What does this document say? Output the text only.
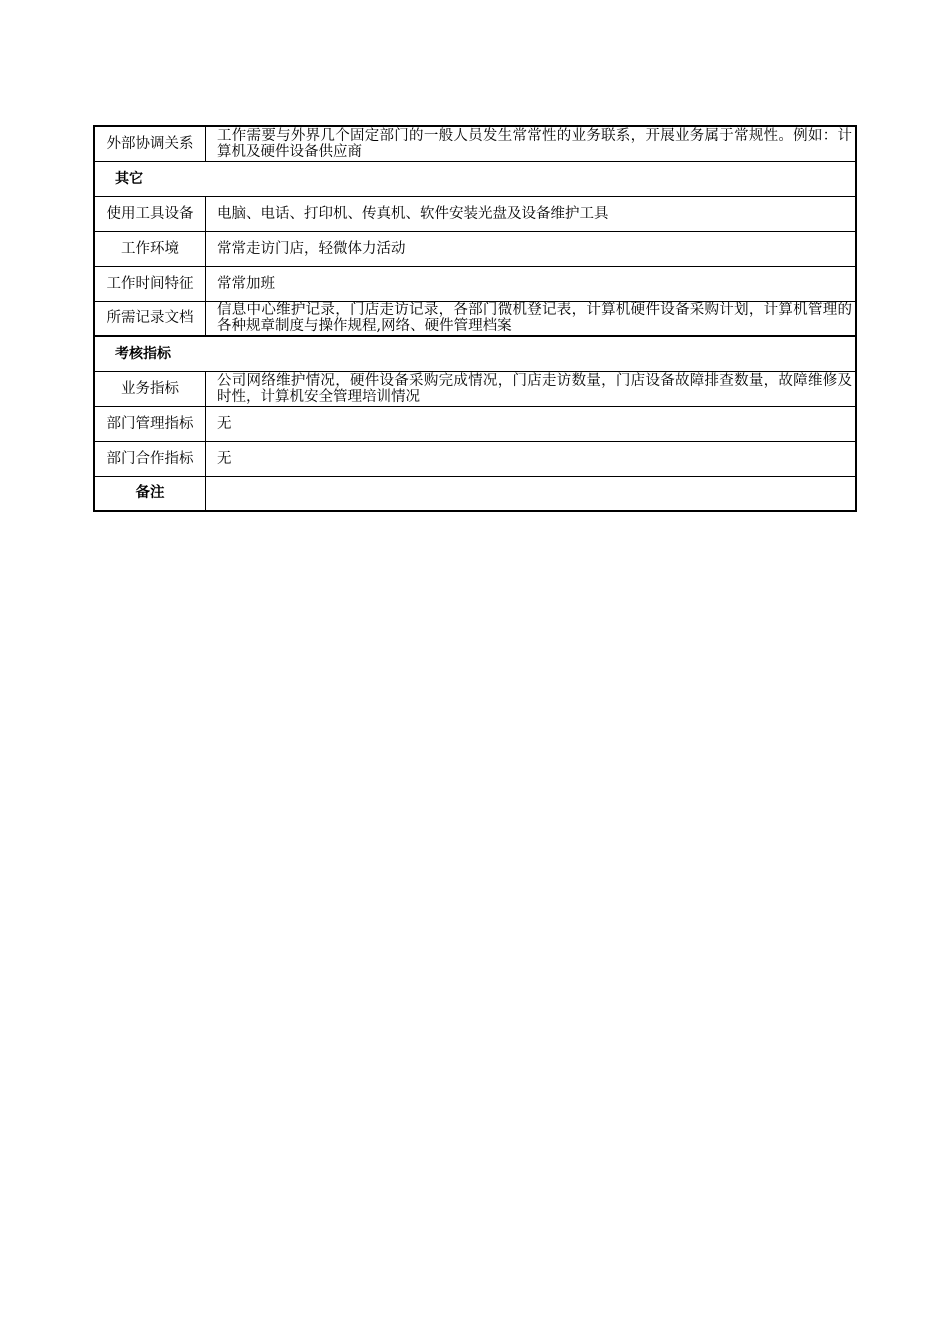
外部协调关系	工作需要与外界几个固定部门的一般人员发生常常性的业务联系，开展业务属于常规性。例如：计算机及硬件设备供应商
其它	
使用工具设备	电脑、电话、打印机、传真机、软件安装光盘及设备维护工具
工作环境	常常走访门店，轻微体力活动
工作时间特征	常常加班
所需记录文档	信息中心维护记录，门店走访记录，各部门微机登记表，计算机硬件设备采购计划，计算机管理的各种规章制度与操作规程,网络、硬件管理档案
考核指标	
业务指标	公司网络维护情况，硬件设备采购完成情况，门店走访数量，门店设备故障排查数量，故障维修及时性，计算机安全管理培训情况
部门管理指标	无
部门合作指标	无
备注	
